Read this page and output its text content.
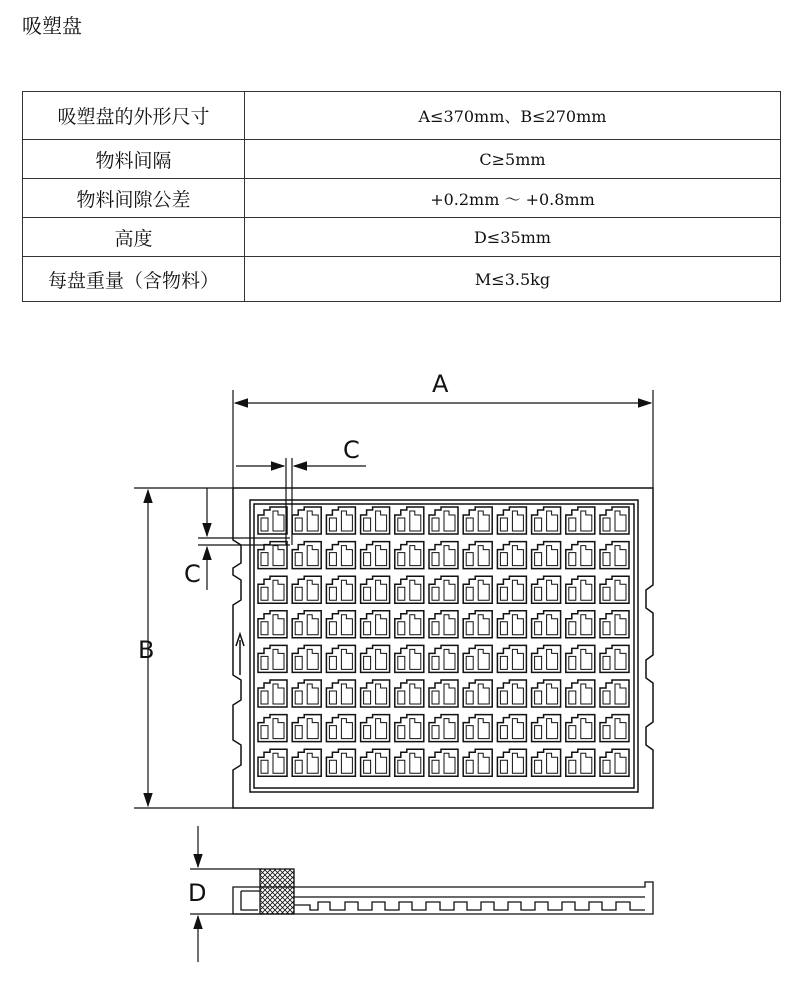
吸塑盘
吸塑盘的外形尺寸	A≤370mm、B≤270mm
物料间隔	C≥5mm
物料间隙公差	+0.2mm ～ +0.8mm
高度	D≤35mm
每盘重量（含物料）	M≤3.5kg
A
C
B
C
D
